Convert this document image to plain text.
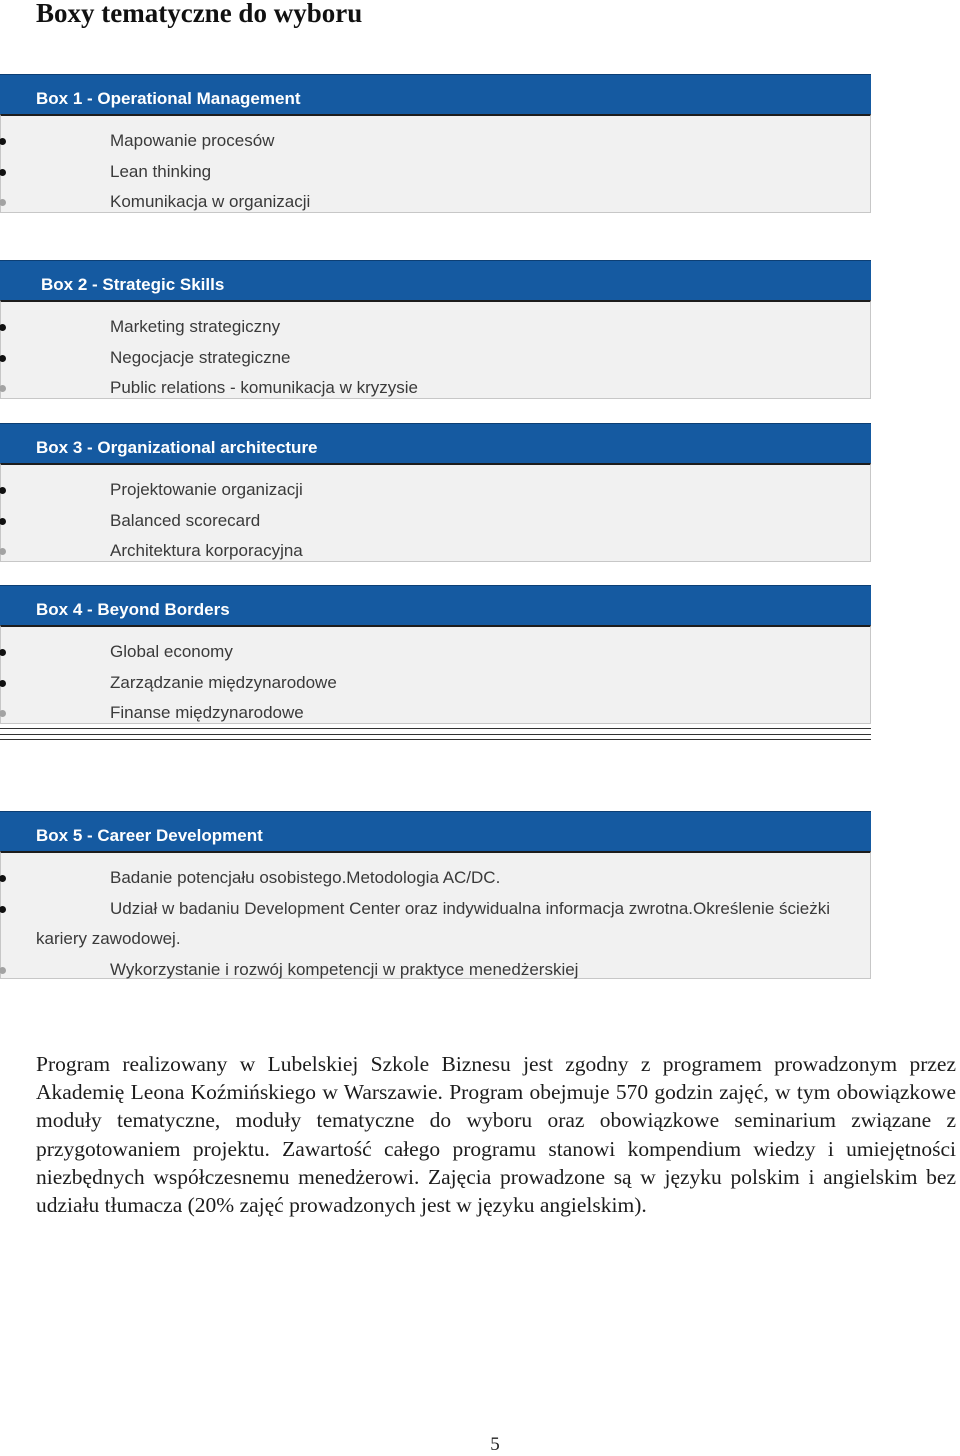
Boxy tematyczne do wyboru
Box 1 - Operational Management
Mapowanie procesów
Lean thinking
Komunikacja w organizacji
Box 2 - Strategic Skills
Marketing strategiczny
Negocjacje strategiczne
Public relations - komunikacja w kryzysie
Box 3 - Organizational architecture
Projektowanie organizacji
Balanced scorecard
Architektura korporacyjna
Box 4 - Beyond Borders
Global economy
Zarządzanie międzynarodowe
Finanse międzynarodowe
Box 5 - Career Development
Badanie potencjału osobistego.Metodologia AC/DC.
Udział w badaniu Development Center oraz indywidualna informacja zwrotna.Określenie ścieżki kariery zawodowej.
Wykorzystanie i rozwój kompetencji w praktyce menedżerskiej

Program realizowany w Lubelskiej Szkole Biznesu jest zgodny z programem prowadzonym przez Akademię Leona Koźmińskiego w Warszawie. Program obejmuje 570 godzin zajęć, w tym obowiązkowe moduły tematyczne, moduły tematyczne do wyboru oraz obowiązkowe seminarium związane z przygotowaniem projektu. Zawartość całego programu stanowi kompendium wiedzy i umiejętności niezbędnych współczesnemu menedżerowi. Zajęcia prowadzone są w języku polskim i angielskim bez udziału tłumacza (20% zajęć prowadzonych jest w języku angielskim).

5
